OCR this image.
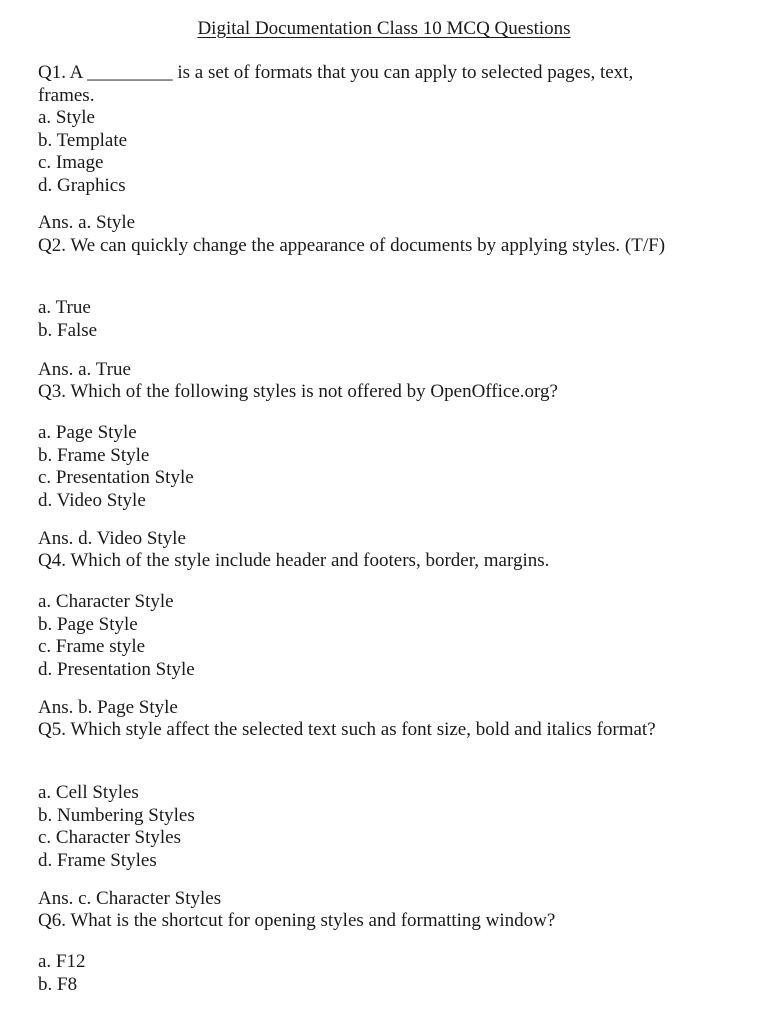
Digital Documentation Class 10 MCQ Questions
Q1. A _________ is a set of formats that you can apply to selected pages, text, frames.
a. Style
b. Template
c. Image
d. Graphics
Ans. a. Style
Q2. We can quickly change the appearance of documents by applying styles. (T/F)
a. True
b. False
Ans. a. True
Q3. Which of the following styles is not offered by OpenOffice.org?
a. Page Style
b. Frame Style
c. Presentation Style
d. Video Style
Ans. d. Video Style
Q4. Which of the style include header and footers, border, margins.
a. Character Style
b. Page Style
c. Frame style
d. Presentation Style
Ans. b. Page Style
Q5. Which style affect the selected text such as font size, bold and italics format?
a. Cell Styles
b. Numbering Styles
c. Character Styles
d. Frame Styles
Ans. c. Character Styles
Q6. What is the shortcut for opening styles and formatting window?
a. F12
b. F8
